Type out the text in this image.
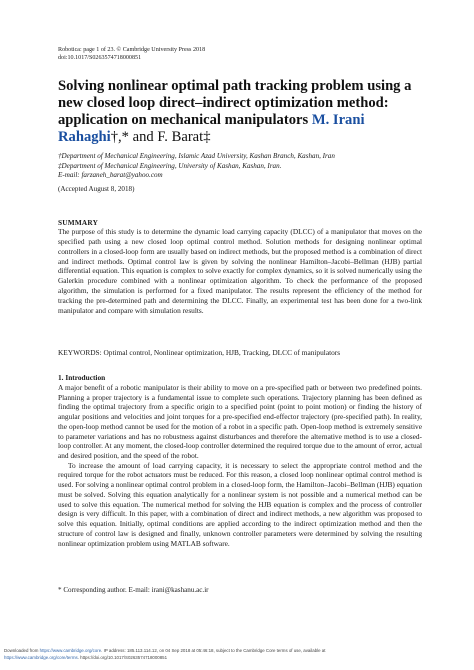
Robotica: page 1 of 23. © Cambridge University Press 2018
doi:10.1017/S0263574718000851
Solving nonlinear optimal path tracking problem using a new closed loop direct–indirect optimization method: application on mechanical manipulators M. Irani Rahaghi†,* and F. Barat‡
†Department of Mechanical Engineering, Islamic Azad University, Kashan Branch, Kashan, Iran
‡Department of Mechanical Engineering, University of Kashan, Kashan, Iran.
E-mail: farzaneh_barat@yahoo.com
(Accepted August 8, 2018)
SUMMARY
The purpose of this study is to determine the dynamic load carrying capacity (DLCC) of a manipulator that moves on the specified path using a new closed loop optimal control method. Solution methods for designing nonlinear optimal controllers in a closed-loop form are usually based on indirect methods, but the proposed method is a combination of direct and indirect methods. Optimal control law is given by solving the nonlinear Hamilton–Jacobi–Bellman (HJB) partial differential equation. This equation is complex to solve exactly for complex dynamics, so it is solved numerically using the Galerkin procedure combined with a nonlinear optimization algorithm. To check the performance of the proposed algorithm, the simulation is performed for a fixed manipulator. The results represent the efficiency of the method for tracking the pre-determined path and determining the DLCC. Finally, an experimental test has been done for a two-link manipulator and compare with simulation results.
KEYWORDS: Optimal control, Nonlinear optimization, HJB, Tracking, DLCC of manipulators
1. Introduction

A major benefit of a robotic manipulator is their ability to move on a pre-specified path or between two predefined points. Planning a proper trajectory is a fundamental issue to complete such operations. Trajectory planning has been defined as finding the optimal trajectory from a specific origin to a specified point (point to point motion) or finding the history of angular positions and velocities and joint torques for a pre-specified end-effector trajectory (pre-specified path). In reality, the open-loop method cannot be used for the motion of a robot in a specific path. Open-loop method is extremely sensitive to parameter variations and has no robustness against disturbances and therefore the alternative method is to use a closed-loop controller. At any moment, the closed-loop controller determined the required torque due to the amount of error, actual and desired position, and the speed of the robot.

To increase the amount of load carrying capacity, it is necessary to select the appropriate control method and the required torque for the robot actuators must be reduced. For this reason, a closed loop nonlinear optimal control method is used. For solving a nonlinear optimal control problem in a closed-loop form, the Hamilton–Jacobi–Bellman (HJB) equation must be solved. Solving this equation analytically for a nonlinear system is not possible and a numerical method can be used to solve this equation. The numerical method for solving the HJB equation is complex and the process of controller design is very difficult. In this paper, with a combination of direct and indirect methods, a new algorithm was proposed to solve this equation. Initially, optimal conditions are applied according to the indirect optimization method and then the structure of control law is designed and finally, unknown controller parameters were determined by solving the resulting nonlinear optimization problem using MATLAB software.

* Corresponding author. E-mail: irani@kashanu.ac.ir
Downloaded from https://www.cambridge.org/core. IP address: 185.113.114.12, on 04 Sep 2018 at 05:46:18, subject to the Cambridge Core terms of use, available at
https://www.cambridge.org/core/terms. https://doi.org/10.1017/S0263574718000851
